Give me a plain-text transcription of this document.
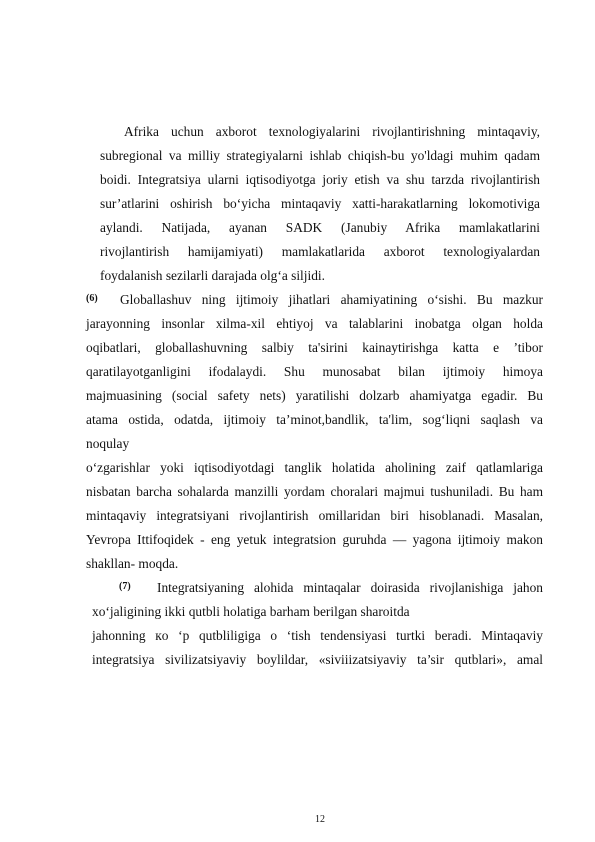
Afrika uchun axborot texnologiyalarini rivojlantirishning mintaqaviy,
subregional va milliy strategiyalarni ishlab chiqish-bu yo'ldagi muhim qadam
boidi. Integratsiya ularni iqtisodiyotga joriy etish va shu tarzda rivojlantirish
sur’atlarini oshirish bo‘yicha mintaqaviy xatti-harakatlarning lokomotiviga
aylandi. Natijada, ayanan SADK (Janubiy Afrika mamlakatlarini
rivojlantirish hamijamiyati) mamlakatlarida axborot texnologiyalardan
foydalanish sezilarli darajada olg‘a siljidi.
(6) Globallashuv ning ijtimoiy jihatlari ahamiyatining o‘sishi. Bu mazkur
jarayonning insonlar xilma-xil ehtiyoj va talablarini inobatga olgan holda
oqibatlari, globallashuvning salbiy ta'sirini kainaytirishga katta e ’tibor
qaratilayotganligini ifodalaydi. Shu munosabat bilan ijtimoiy himoya
majmuasining (social safety nets) yaratilishi dolzarb ahamiyatga egadir. Bu
atama ostida, odatda, ijtimoiy ta’minot,bandlik, ta'lim, sog‘liqni saqlash va
noqulay
o‘zgarishlar yoki iqtisodiyotdagi tanglik holatida aholining zaif qatlamlariga
nisbatan barcha sohalarda manzilli yordam choralari majmui tushuniladi. Bu ham
mintaqaviy integratsiyani rivojlantirish omillaridan biri hisoblanadi. Masalan,
Yevropa Ittifoqidek - eng yetuk integratsion guruhda — yagona ijtimoiy makon
shakllan- moqda.
(7) Integratsiyaning alohida mintaqalar doirasida rivojlanishiga jahon
xo‘jaligining ikki qutbli holatiga barham berilgan sharoitda
jahonning кo ‘p qutbliligiga o ‘tish tendensiyasi turtki beradi. Mintaqaviy
integratsiya sivilizatsiyaviy boylildar, «siviiizatsiyaviy ta’sir qutblari», amal
12
